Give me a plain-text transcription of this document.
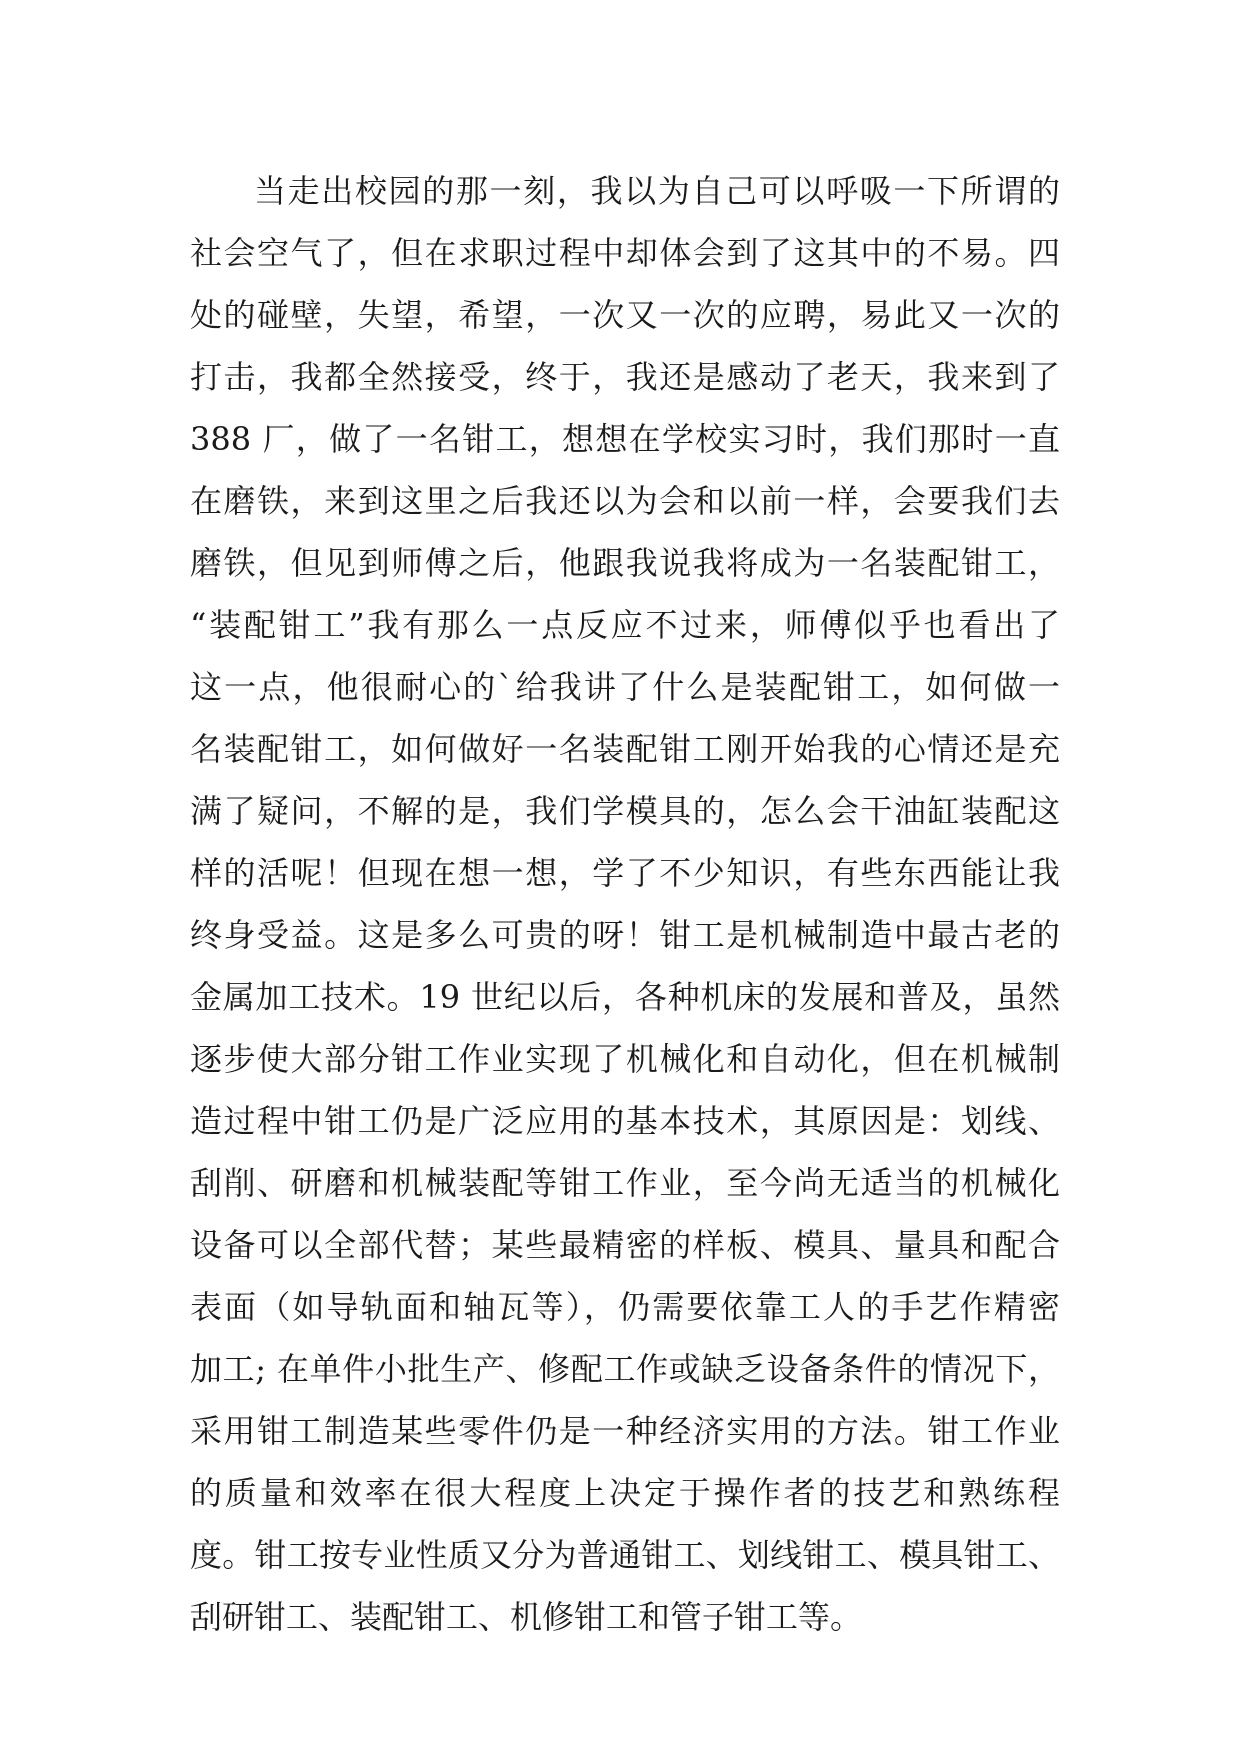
当走出校园的那一刻，我以为自己可以呼吸一下所谓的
社会空气了，但在求职过程中却体会到了这其中的不易。四
处的碰壁，失望，希望，一次又一次的应聘，易此又一次的
打击，我都全然接受，终于，我还是感动了老天，我来到了
388 厂，做了一名钳工，想想在学校实习时，我们那时一直
在磨铁，来到这里之后我还以为会和以前一样，会要我们去
磨铁，但见到师傅之后，他跟我说我将成为一名装配钳工，
“装配钳工”我有那么一点反应不过来，师傅似乎也看出了
这一点，他很耐心的`给我讲了什么是装配钳工，如何做一
名装配钳工，如何做好一名装配钳工刚开始我的心情还是充
满了疑问，不解的是，我们学模具的，怎么会干油缸装配这
样的活呢！但现在想一想，学了不少知识，有些东西能让我
终身受益。这是多么可贵的呀！钳工是机械制造中最古老的
金属加工技术。19 世纪以后，各种机床的发展和普及，虽然
逐步使大部分钳工作业实现了机械化和自动化，但在机械制
造过程中钳工仍是广泛应用的基本技术，其原因是：划线、
刮削、研磨和机械装配等钳工作业，至今尚无适当的机械化
设备可以全部代替；某些最精密的样板、模具、量具和配合
表面（如导轨面和轴瓦等），仍需要依靠工人的手艺作精密
加工; 在单件小批生产、修配工作或缺乏设备条件的情况下，
采用钳工制造某些零件仍是一种经济实用的方法。钳工作业
的质量和效率在很大程度上决定于操作者的技艺和熟练程
度。钳工按专业性质又分为普通钳工、划线钳工、模具钳工、
刮研钳工、装配钳工、机修钳工和管子钳工等。
